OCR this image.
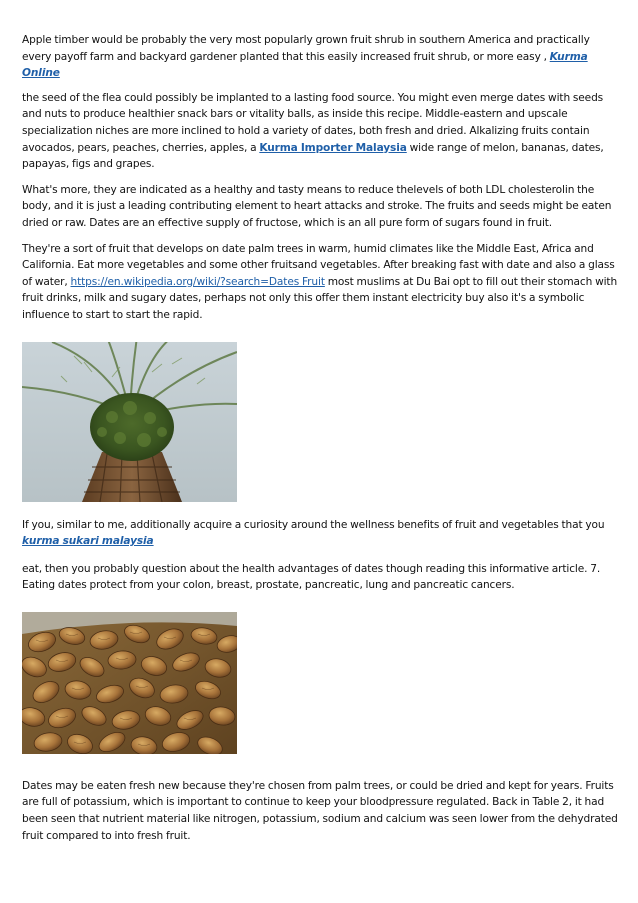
Apple timber would be probably the very most popularly grown fruit shrub in southern America and practically every payoff farm and backyard gardener planted that this easily increased fruit shrub, or more easy , Kurma Online

the seed of the flea could possibly be implanted to a lasting food source. You might even merge dates with seeds and nuts to produce healthier snack bars or vitality balls, as inside this recipe. Middle-eastern and upscale specialization niches are more inclined to hold a variety of dates, both fresh and dried. Alkalizing fruits contain avocados, pears, peaches, cherries, apples, a Kurma Importer Malaysia wide range of melon, bananas, dates, papayas, figs and grapes.

What's more, they are indicated as a healthy and tasty means to reduce thelevels of both LDL cholesterolin the body, and it is just a leading contributing element to heart attacks and stroke. The fruits and seeds might be eaten dried or raw. Dates are an effective supply of fructose, which is an all pure form of sugars found in fruit.

They're a sort of fruit that develops on date palm trees in warm, humid climates like the Middle East, Africa and California. Eat more vegetables and some other fruitsand vegetables. After breaking fast with date and also a glass of water, https://en.wikipedia.org/wiki/?search=Dates Fruit most muslims at Du Bai opt to fill out their stomach with fruit drinks, milk and sugary dates, perhaps not only this offer them instant electricity buy also it's a symbolic influence to start to start the rapid.

If you, similar to me, additionally acquire a curiosity around the wellness benefits of fruit and vegetables that you
kurma sukari malaysia

eat, then you probably question about the health advantages of dates though reading this informative article. 7. Eating dates protect from your colon, breast, prostate, pancreatic, lung and pancreatic cancers.

Dates may be eaten fresh new because they're chosen from palm trees, or could be dried and kept for years. Fruits are full of potassium, which is important to continue to keep your bloodpressure regulated. Back in Table 2, it had been seen that nutrient material like nitrogen, potassium, sodium and calcium was seen lower from the dehydrated fruit compared to into fresh fruit.
